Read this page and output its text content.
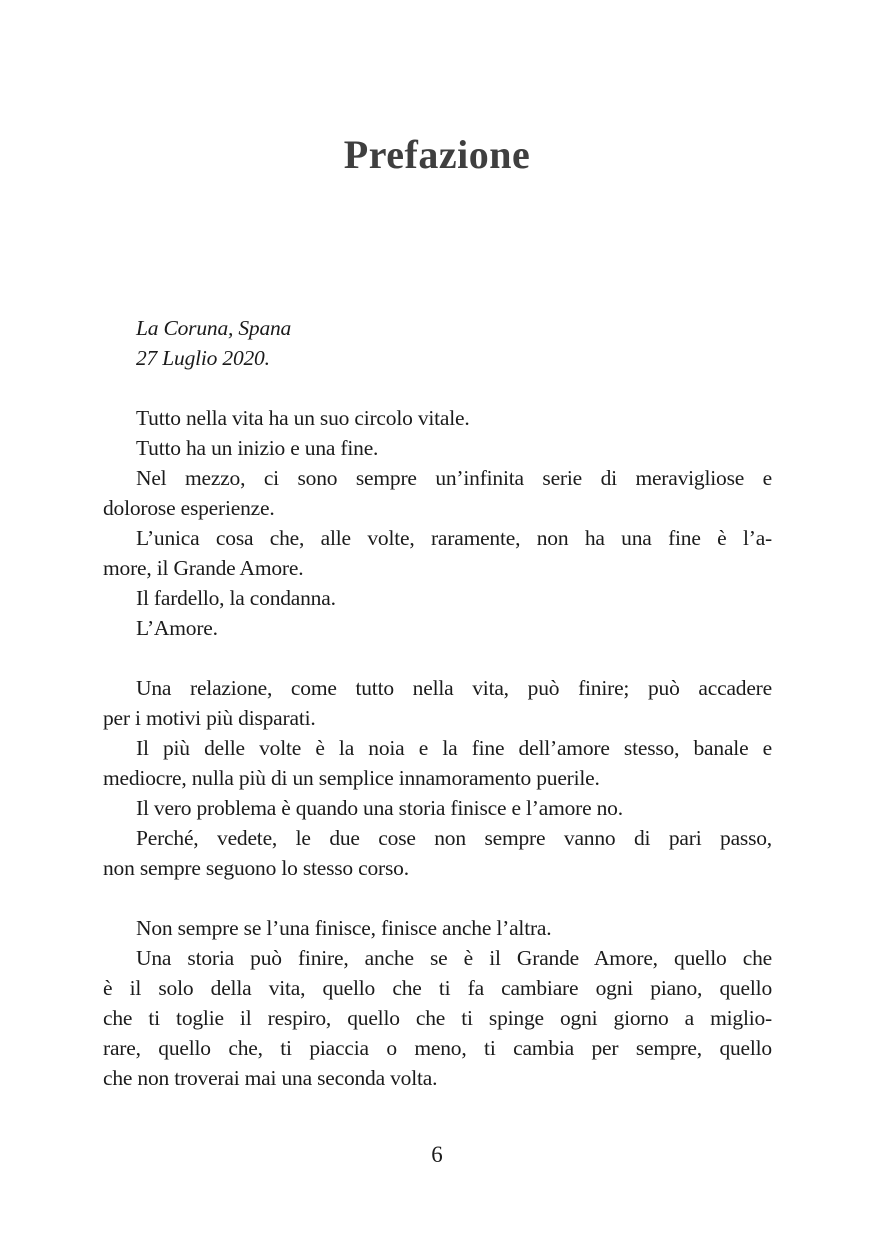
Prefazione
La Coruna, Spana
27 Luglio 2020.
Tutto nella vita ha un suo circolo vitale.
Tutto ha un inizio e una fine.
Nel mezzo, ci sono sempre un’infinita serie di meravigliose e
dolorose esperienze.
L’unica cosa che, alle volte, raramente, non ha una fine è l’a-
more, il Grande Amore.
Il fardello, la condanna.
L’Amore.
Una relazione, come tutto nella vita, può finire; può accadere
per i motivi più disparati.
Il più delle volte è la noia e la fine dell’amore stesso, banale e
mediocre, nulla più di un semplice innamoramento puerile.
Il vero problema è quando una storia finisce e l’amore no.
Perché, vedete, le due cose non sempre vanno di pari passo,
non sempre seguono lo stesso corso.
Non sempre se l’una finisce, finisce anche l’altra.
Una storia può finire, anche se è il Grande Amore, quello che
è il solo della vita, quello che ti fa cambiare ogni piano, quello
che ti toglie il respiro, quello che ti spinge ogni giorno a miglio-
rare, quello che, ti piaccia o meno, ti cambia per sempre, quello
che non troverai mai una seconda volta.
6
